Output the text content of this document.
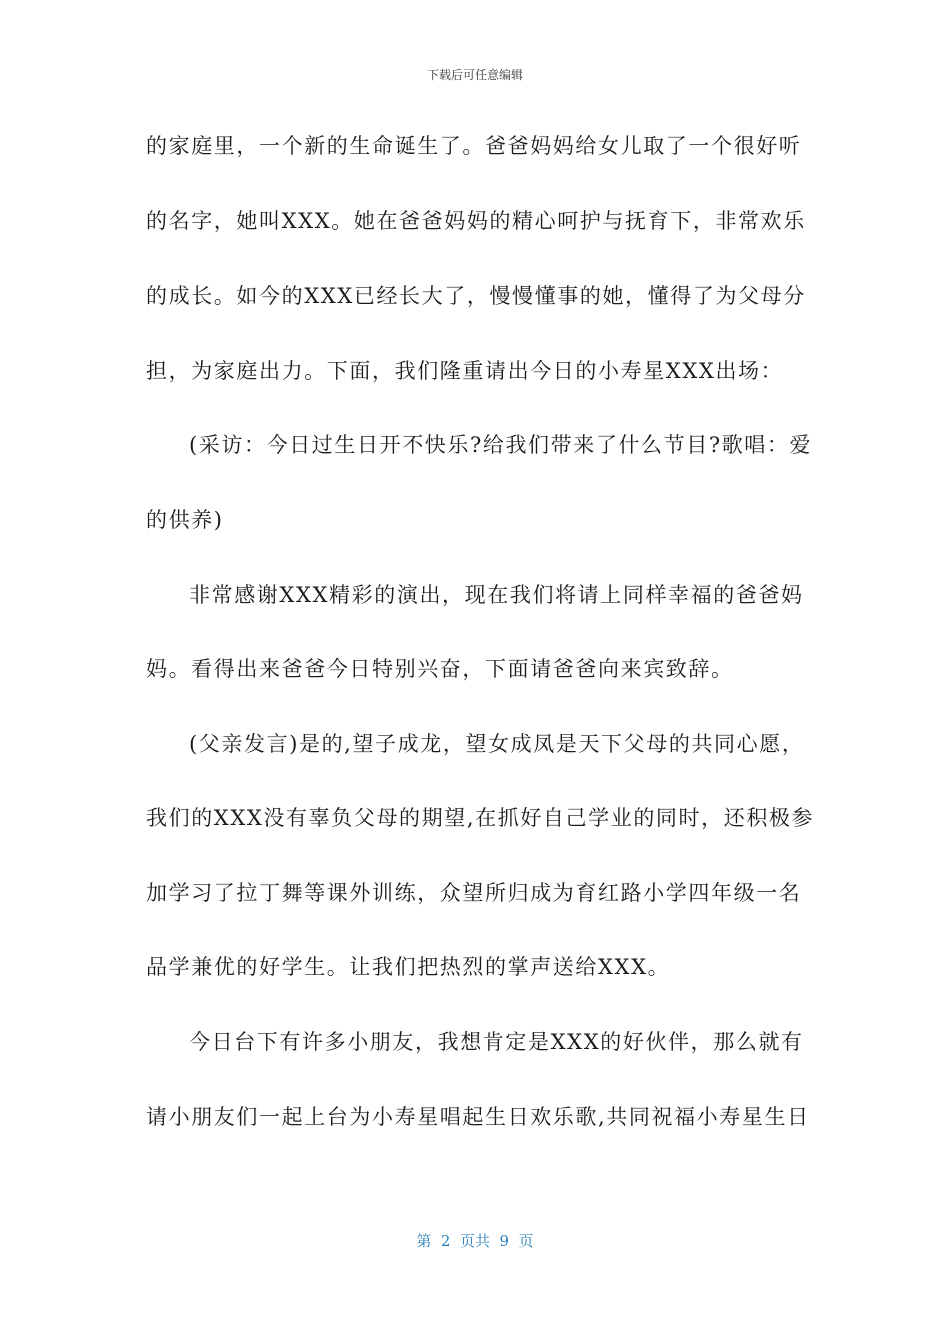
下载后可任意编辑
的家庭里，一个新的生命诞生了。爸爸妈妈给女儿取了一个很好听
的名字，她叫XXX。她在爸爸妈妈的精心呵护与抚育下，非常欢乐
的成长。如今的XXX已经长大了，慢慢懂事的她，懂得了为父母分
担，为家庭出力。下面，我们隆重请出今日的小寿星XXX出场：
(采访：今日过生日开不快乐?给我们带来了什么节目?歌唱：爱
的供养)
非常感谢XXX精彩的演出，现在我们将请上同样幸福的爸爸妈
妈。看得出来爸爸今日特别兴奋，下面请爸爸向来宾致辞。
(父亲发言)是的,望子成龙，望女成凤是天下父母的共同心愿，
我们的XXX没有辜负父母的期望,在抓好自己学业的同时，还积极参
加学习了拉丁舞等课外训练，众望所归成为育红路小学四年级一名
品学兼优的好学生。让我们把热烈的掌声送给XXX。
今日台下有许多小朋友，我想肯定是XXX的好伙伴，那么就有
请小朋友们一起上台为小寿星唱起生日欢乐歌,共同祝福小寿星生日
第  2  页共  9  页
